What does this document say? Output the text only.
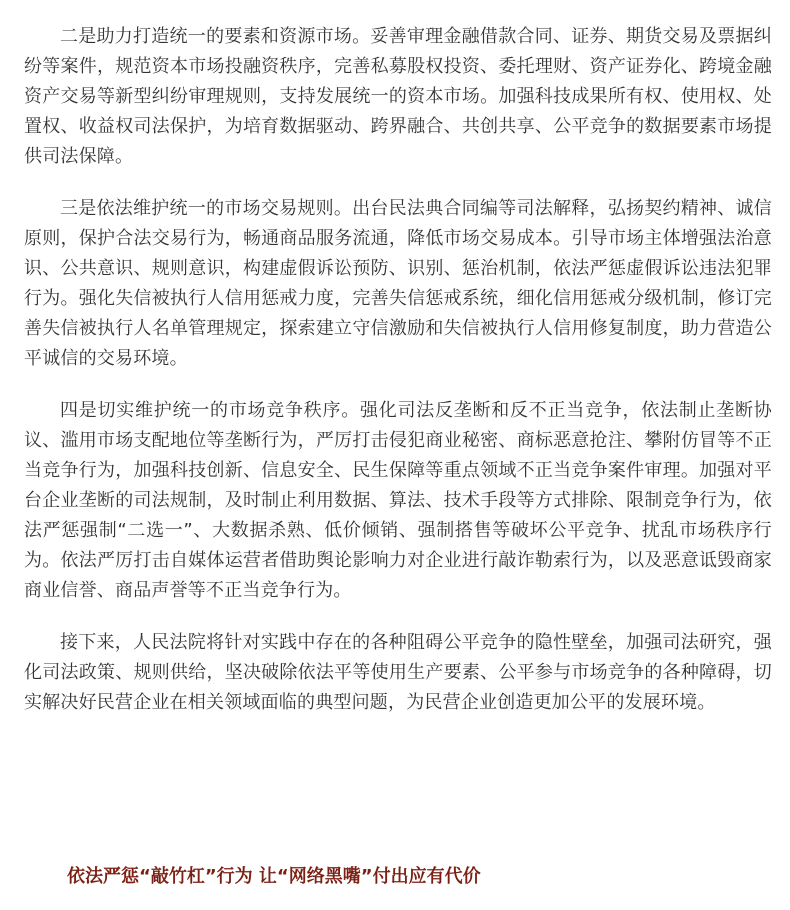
二是助力打造统一的要素和资源市场。妥善审理金融借款合同、证券、期货交易及票据纠纷等案件，规范资本市场投融资秩序，完善私募股权投资、委托理财、资产证券化、跨境金融资产交易等新型纠纷审理规则，支持发展统一的资本市场。加强科技成果所有权、使用权、处置权、收益权司法保护，为培育数据驱动、跨界融合、共创共享、公平竞争的数据要素市场提供司法保障。

三是依法维护统一的市场交易规则。出台民法典合同编等司法解释，弘扬契约精神、诚信原则，保护合法交易行为，畅通商品服务流通，降低市场交易成本。引导市场主体增强法治意识、公共意识、规则意识，构建虚假诉讼预防、识别、惩治机制，依法严惩虚假诉讼违法犯罪行为。强化失信被执行人信用惩戒力度，完善失信惩戒系统，细化信用惩戒分级机制，修订完善失信被执行人名单管理规定，探索建立守信激励和失信被执行人信用修复制度，助力营造公平诚信的交易环境。

四是切实维护统一的市场竞争秩序。强化司法反垄断和反不正当竞争，依法制止垄断协议、滥用市场支配地位等垄断行为，严厉打击侵犯商业秘密、商标恶意抢注、攀附仿冒等不正当竞争行为，加强科技创新、信息安全、民生保障等重点领域不正当竞争案件审理。加强对平台企业垄断的司法规制，及时制止利用数据、算法、技术手段等方式排除、限制竞争行为，依法严惩强制“二选一”、大数据杀熟、低价倾销、强制搭售等破坏公平竞争、扰乱市场秩序行为。依法严厉打击自媒体运营者借助舆论影响力对企业进行敲诈勒索行为，以及恶意诋毁商家商业信誉、商品声誉等不正当竞争行为。

接下来，人民法院将针对实践中存在的各种阻碍公平竞争的隐性壁垒，加强司法研究，强化司法政策、规则供给，坚决破除依法平等使用生产要素、公平参与市场竞争的各种障碍，切实解决好民营企业在相关领域面临的典型问题，为民营企业创造更加公平的发展环境。

依法严惩“敲竹杠”行为 让“网络黑嘴”付出应有代价
